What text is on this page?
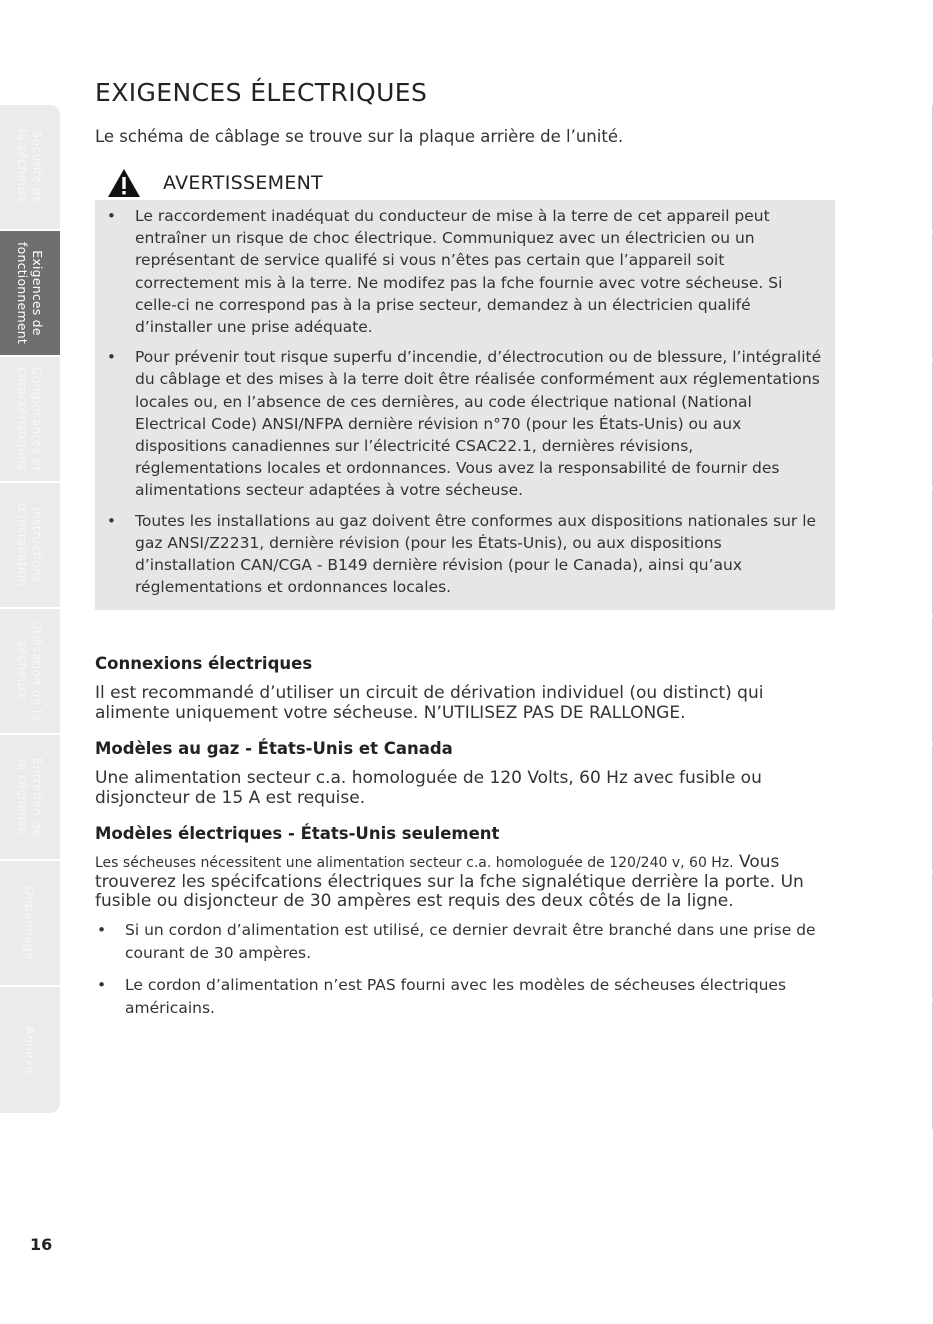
Sécurité de
la sécheuse
Exigences de
fonctionnement
Composantes et
caractéristiques
Instructions
d'installation
Utilisation de la
sécheuse
Entretien de
la sécheuse
Dépannage
Annexe
EXIGENCES ÉLECTRIQUES

Le schéma de câblage se trouve sur la plaque arrière de l’unité.

AVERTISSEMENT
• Le raccordement inadéquat du conducteur de mise à la terre de cet appareil peut entraîner un risque de choc électrique. Communiquez avec un électricien ou un représentant de service qualifé si vous n’êtes pas certain que l’appareil soit correctement mis à la terre. Ne modifez pas la fche fournie avec votre sécheuse. Si celle-ci ne correspond pas à la prise secteur, demandez à un électricien qualifé d’installer une prise adéquate.
• Pour prévenir tout risque superfu d’incendie, d’électrocution ou de blessure, l’intégralité du câblage et des mises à la terre doit être réalisée conformément aux réglementations locales ou, en l’absence de ces dernières, au code électrique national (National Electrical Code) ANSI/NFPA dernière révision n°70 (pour les États-Unis) ou aux dispositions canadiennes sur l’électricité CSAC22.1, dernières révisions, réglementations locales et ordonnances. Vous avez la responsabilité de fournir des alimentations secteur adaptées à votre sécheuse.
• Toutes les installations au gaz doivent être conformes aux dispositions nationales sur le gaz ANSI/Z2231, dernière révision (pour les États-Unis), ou aux dispositions d’installation CAN/CGA - B149 dernière révision (pour le Canada), ainsi qu’aux réglementations et ordonnances locales.
Connexions électriques

Il est recommandé d’utiliser un circuit de dérivation individuel (ou distinct) qui alimente uniquement votre sécheuse. N’UTILISEZ PAS DE RALLONGE.

Modèles au gaz - États-Unis et Canada

Une alimentation secteur c.a. homologuée de 120 Volts, 60 Hz avec fusible ou disjoncteur de 15 A est requise.

Modèles électriques - États-Unis seulement

Les sécheuses nécessitent une alimentation secteur c.a. homologuée de 120/240 v, 60 Hz. Vous trouverez les spécifcations électriques sur la fche signalétique derrière la porte. Un fusible ou disjoncteur de 30 ampères est requis des deux côtés de la ligne.

• Si un cordon d’alimentation est utilisé, ce dernier devrait être branché dans une prise de courant de 30 ampères.
• Le cordon d’alimentation n’est PAS fourni avec les modèles de sécheuses électriques américains.
16
